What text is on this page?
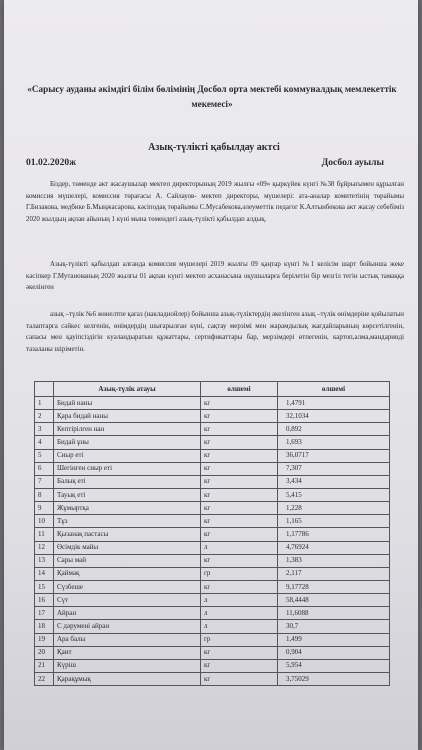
«Сарысу ауданы әкімдігі білім бөлімінің Досбол орта мектебі коммуналдық мемлекеттік мекемесі»
Азық-түлікті қабылдау актсі
01.02.2020ж	Досбол ауылы
Біздер, төменде акт жасаушылар мектеп директорының 2019 жылғы «09» қыркүйек күнгі №38 бұйрығымен құрылған комиссия мүшелері, комиссия төрағасы А. Сайлауов- мектеп директоры, мүшелері: ата-аналар комитетінің төрайымы Г.Бизакова, медбике Б.Мыңжасарова, кәсіподақ төрайымы С.Мусабекова,әлеуметтік педагог К.Алтынбекова акт жасау себебіміз 2020 жылдың ақпан айының 1 күні мына төмендегі азық-түлікті қабылдап алдық.
Азық-түлікті қабылдап алғанда комиссия мүшелері 2019 жылғы 09 қаңтар күнгі №1 келісім шарт бойынша жеке кәсіпкер Г.Мутанованың 2020 жылғы 01 ақпан күнгі мектеп асханасына оқушыларға берілетін бір мезгіл тегін ыстық тамаққа әкелінген
азық –түлік №6 жөнелтпе қағаз (накладнойлер) бойынша азық-түліктердің әкелінген азық –түлік өнімдеріне қойылатын талаптарға сәйкес келгенін, өнімдердің шығарылған күні, сақтау мерзімі мен жарамдылық жағдайларының көрсетілгенін, сапасы мен қауіпсіздігін куәландыратын құжаттары, сертификаттары бар, мерзімдері өтпегенін, картоп,алма,мандаринді тазаланы шіріметін.
	Азық-түлік атауы	өлшемі	өлшемі
1	Бидай наны	кг	1,4791
2	Қара бидай наны	кг	32,1034
3	Кептірілген нан	кг	0,892
4	Бидай ұны	кг	1,693
5	Сиыр еті	кг	36,0717
6	Шегінген сиыр еті	кг	7,307
7	Балық еті	кг	3,434
8	Тауық еті	кг	5,415
9	Жұмыртқа	кг	1,228
10	Тұз	кг	1,165
11	Қызанақ пастасы	кг	1,17786
12	Өсімдік майы	л	4,76924
13	Сары май	кг	1,383
14	Қаймақ	гр	2,117
15	Сүзбеше	кг	9,17728
16	Сүт	л	58,4448
17	Айран	л	11,6088
18	С дәрумені айран	л	30,7
19	Ара балы	гр	1,499
20	Қант	кг	0,904
21	Күріш	кг	5,954
22	Қарақұмық	кг	3,75029
